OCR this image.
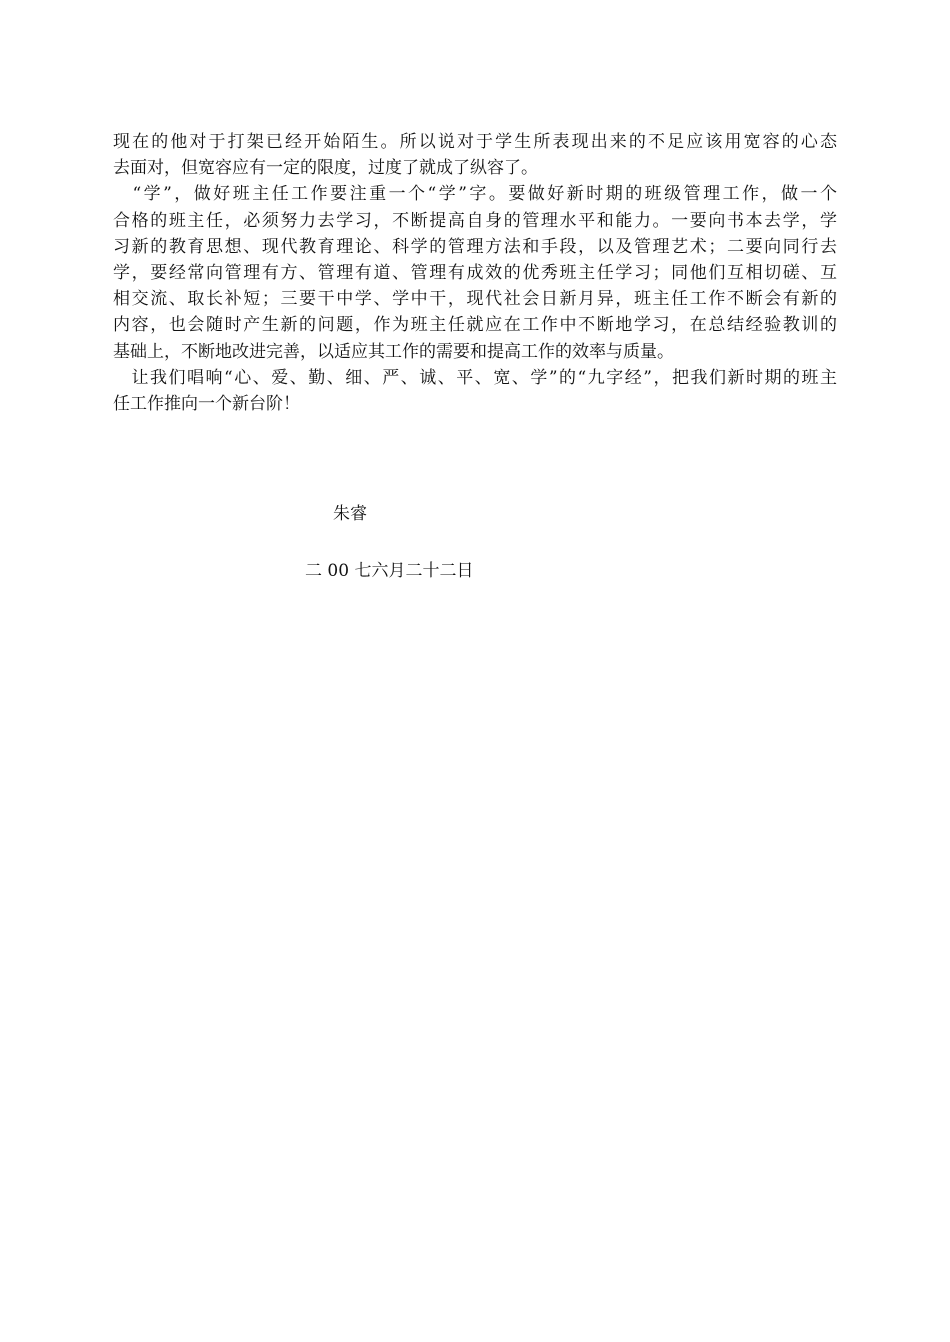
现在的他对于打架已经开始陌生。所以说对于学生所表现出来的不足应该用宽容的心态
去面对，但宽容应有一定的限度，过度了就成了纵容了。

　“学”，做好班主任工作要注重一个“学”字。要做好新时期的班级管理工作，做一个
合格的班主任，必须努力去学习，不断提高自身的管理水平和能力。一要向书本去学，学
习新的教育思想、现代教育理论、科学的管理方法和手段，以及管理艺术；二要向同行去
学，要经常向管理有方、管理有道、管理有成效的优秀班主任学习；同他们互相切磋、互
相交流、取长补短；三要干中学、学中干，现代社会日新月异，班主任工作不断会有新的
内容，也会随时产生新的问题，作为班主任就应在工作中不断地学习，在总结经验教训的
基础上，不断地改进完善，以适应其工作的需要和提高工作的效率与质量。

　让我们唱响“心、爱、勤、细、严、诚、平、宽、学”的“九字经”，把我们新时期的班主
任工作推向一个新台阶！

朱睿
二 00 七六月二十二日
